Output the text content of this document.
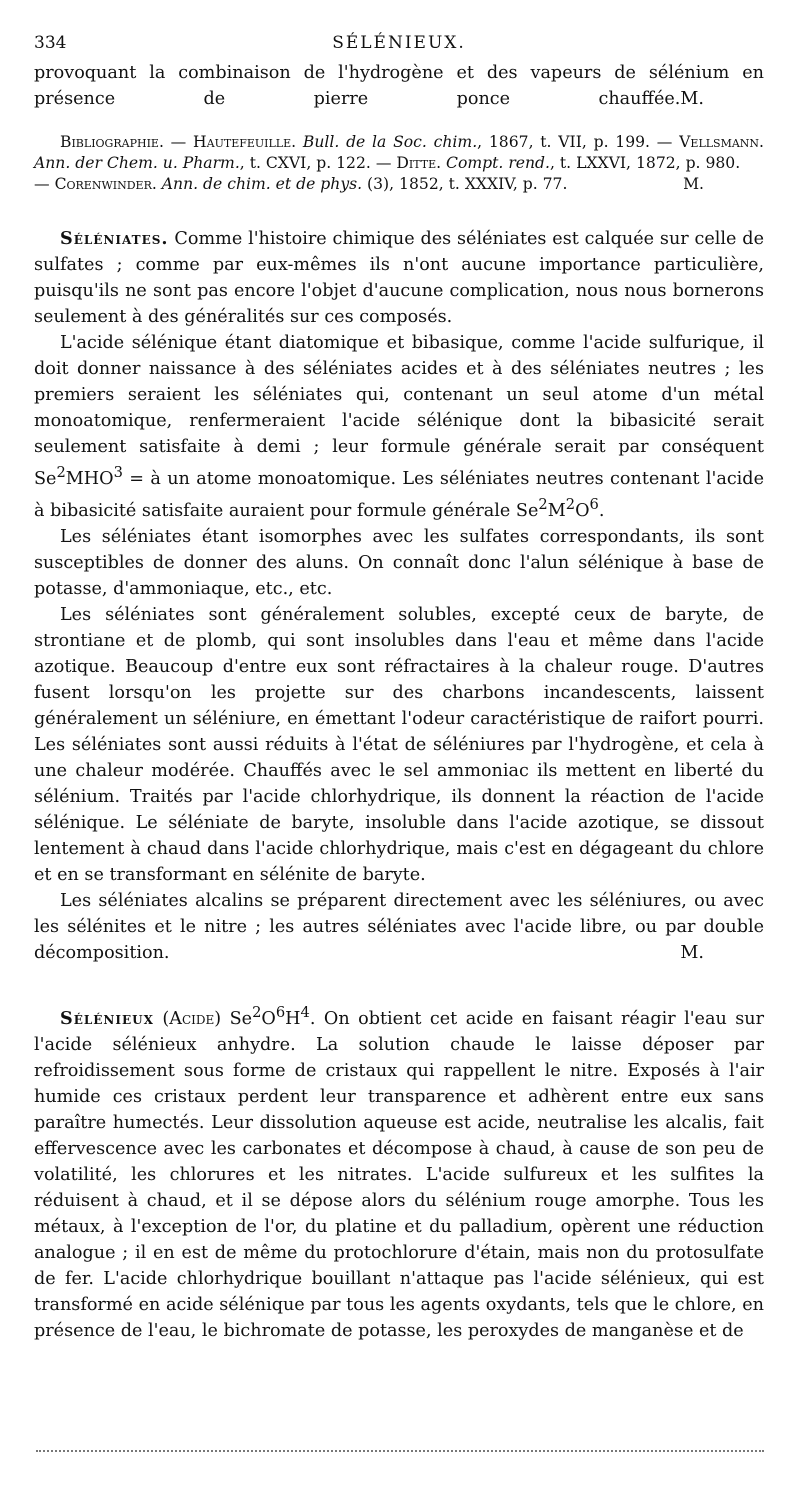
334	SÉLÉNIEUX.

provoquant la combinaison de l'hydrogène et des vapeurs de sélénium en présence de pierre ponce chauffée. M.

Bibliographie. — Hautefeuille. Bull. de la Soc. chim., 1867, t. VII, p. 199. — Vellsmann. Ann. der Chem. u. Pharm., t. CXVI, p. 122. — Ditte. Compt. rend., t. LXXVI, 1872, p. 980.
— Corenwinder. Ann. de chim. et de phys. (3), 1852, t. XXXIV, p. 77.	M.

Séléniates. Comme l'histoire chimique des séléniates est calquée sur celle de sulfates ; comme par eux-mêmes ils n'ont aucune importance particulière, puisqu'ils ne sont pas encore l'objet d'aucune complication, nous nous bornerons seulement à des généralités sur ces composés.

L'acide sélénique étant diatomique et bibasique, comme l'acide sulfurique, il doit donner naissance à des séléniates acides et à des séléniates neutres ; les premiers seraient les séléniates qui, contenant un seul atome d'un métal monoatomique, renfermeraient l'acide sélénique dont la bibasicité serait seulement satisfaite à demi ; leur formule générale serait par conséquent $Se^2MHO^3$ = à un atome monoatomique. Les séléniates neutres contenant l'acide à bibasicité satisfaite auraient pour formule générale $Se^2M^2O^6$.

Les séléniates étant isomorphes avec les sulfates correspondants, ils sont susceptibles de donner des aluns. On connaît donc l'alun sélénique à base de potasse, d'ammoniaque, etc., etc.

Les séléniates sont généralement solubles, excepté ceux de baryte, de strontiane et de plomb, qui sont insolubles dans l'eau et même dans l'acide azotique. Beaucoup d'entre eux sont réfractaires à la chaleur rouge. D'autres fusent lorsqu'on les projette sur des charbons incandescents, laissent généralement un séléniure, en émettant l'odeur caractéristique de raifort pourri. Les séléniates sont aussi réduits à l'état de séléniures par l'hydrogène, et cela à une chaleur modérée. Chauffés avec le sel ammoniac ils mettent en liberté du sélénium. Traités par l'acide chlorhydrique, ils donnent la réaction de l'acide sélénique. Le séléniate de baryte, insoluble dans l'acide azotique, se dissout lentement à chaud dans l'acide chlorhydrique, mais c'est en dégageant du chlore et en se transformant en sélénite de baryte.

Les séléniates alcalins se préparent directement avec les séléniures, ou avec les sélénites et le nitre ; les autres séléniates avec l'acide libre, ou par double décomposition.	M.

Sélénieux (Acide) $Se^2O^6H^4$. On obtient cet acide en faisant réagir l'eau sur l'acide sélénieux anhydre. La solution chaude le laisse déposer par refroidissement sous forme de cristaux qui rappellent le nitre. Exposés à l'air humide ces cristaux perdent leur transparence et adhèrent entre eux sans paraître humectés. Leur dissolution aqueuse est acide, neutralise les alcalis, fait effervescence avec les carbonates et décompose à chaud, à cause de son peu de volatilité, les chlorures et les nitrates. L'acide sulfureux et les sulfites la réduisent à chaud, et il se dépose alors du sélénium rouge amorphe. Tous les métaux, à l'exception de l'or, du platine et du palladium, opèrent une réduction analogue ; il en est de même du protochlorure d'étain, mais non du protosulfate de fer. L'acide chlorhydrique bouillant n'attaque pas l'acide sélénieux, qui est transformé en acide sélénique par tous les agents oxydants, tels que le chlore, en présence de l'eau, le bichromate de potasse, les peroxydes de manganèse et de
